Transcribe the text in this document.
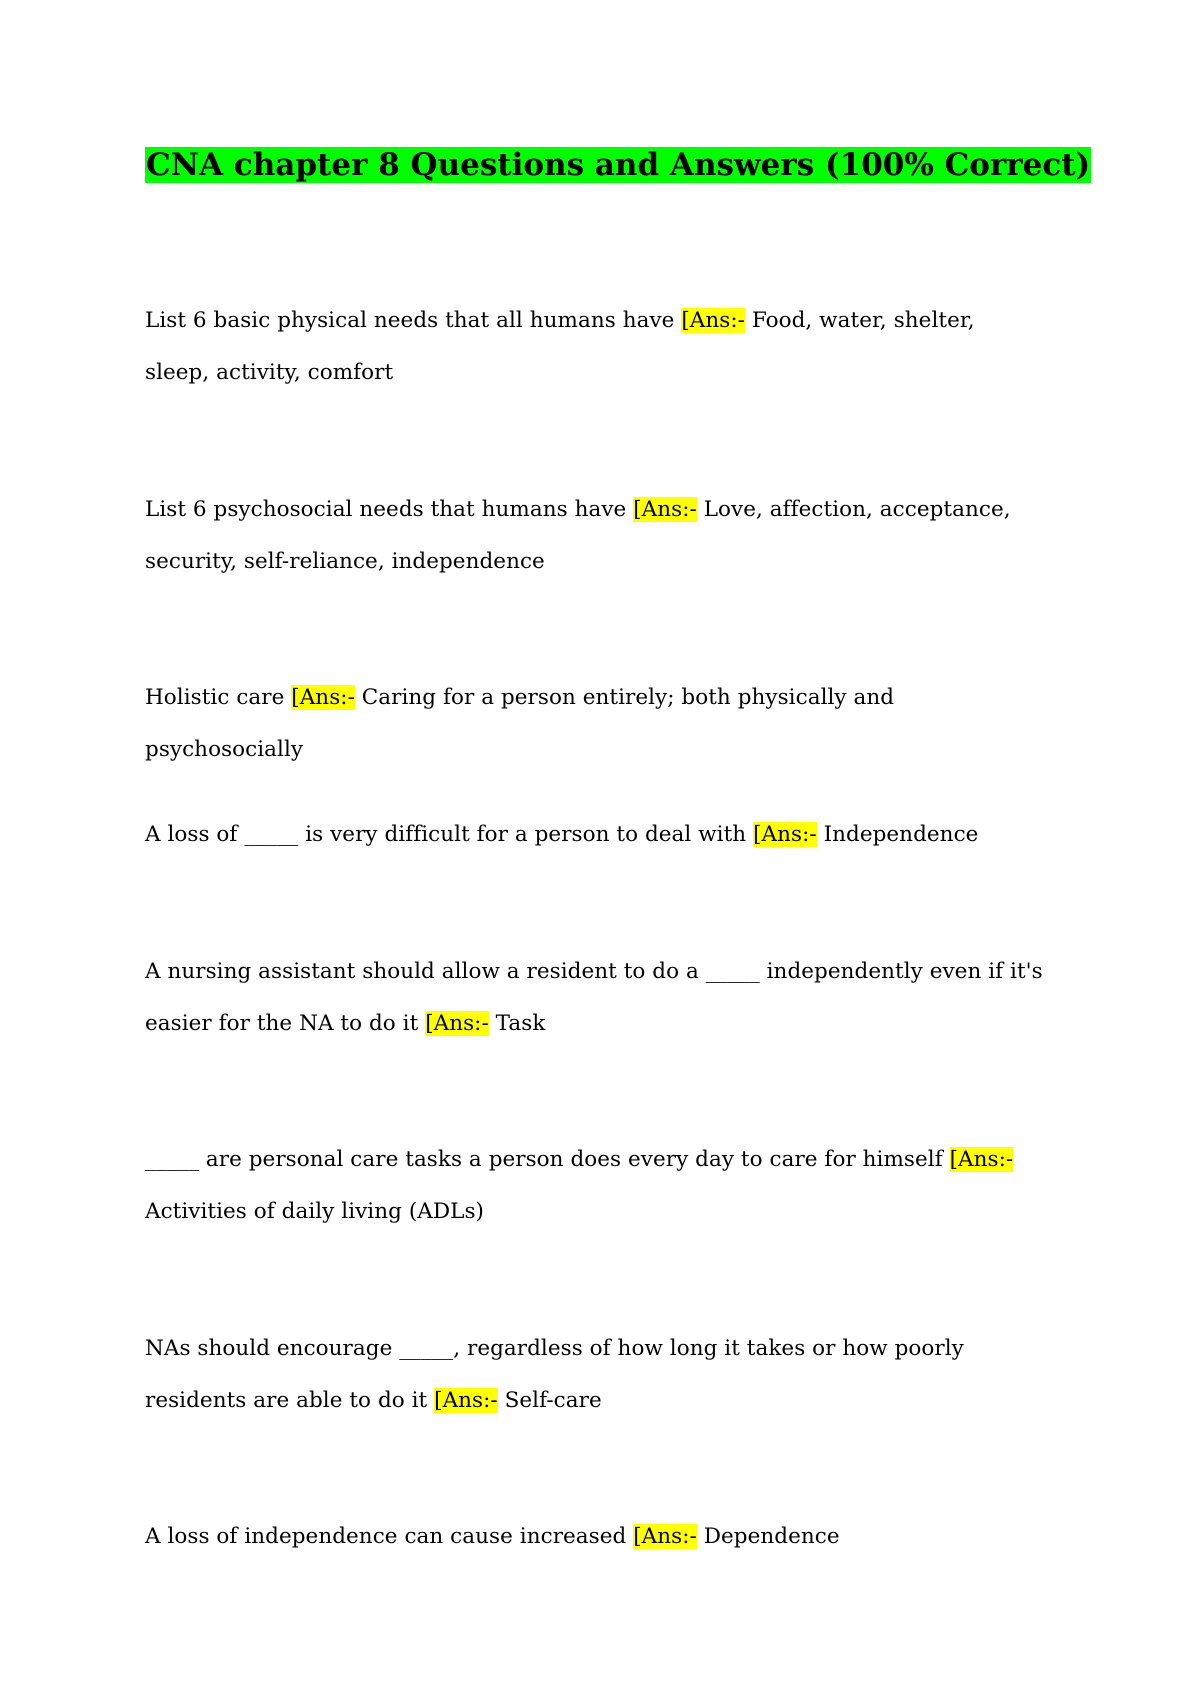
CNA chapter 8 Questions and Answers (100% Correct)

List 6 basic physical needs that all humans have [Ans:- Food, water, shelter, sleep, activity, comfort

List 6 psychosocial needs that humans have [Ans:- Love, affection, acceptance, security, self-reliance, independence

Holistic care [Ans:- Caring for a person entirely; both physically and psychosocially

A loss of _____ is very difficult for a person to deal with [Ans:- Independence

A nursing assistant should allow a resident to do a _____ independently even if it's easier for the NA to do it [Ans:- Task

_____ are personal care tasks a person does every day to care for himself [Ans:- Activities of daily living (ADLs)

NAs should encourage _____, regardless of how long it takes or how poorly residents are able to do it [Ans:- Self-care

A loss of independence can cause increased [Ans:- Dependence
